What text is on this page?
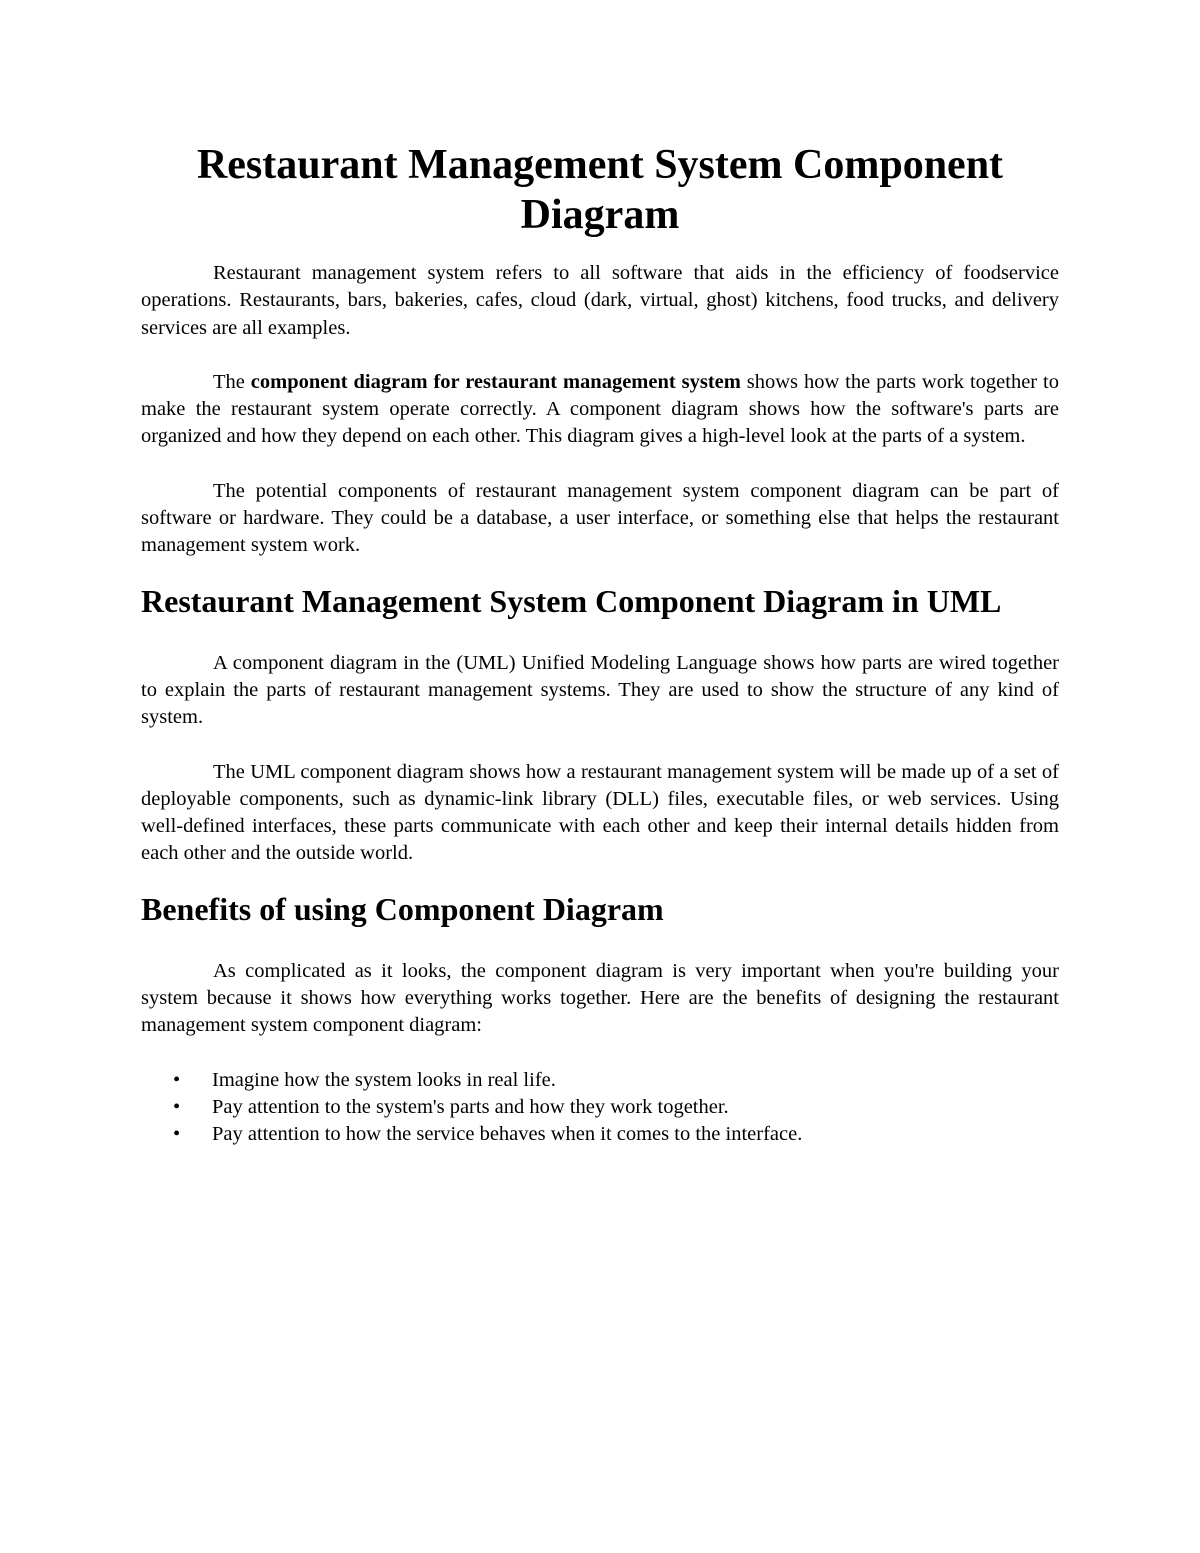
Restaurant Management System Component Diagram

Restaurant management system refers to all software that aids in the efficiency of foodservice operations. Restaurants, bars, bakeries, cafes, cloud (dark, virtual, ghost) kitchens, food trucks, and delivery services are all examples.

The component diagram for restaurant management system shows how the parts work together to make the restaurant system operate correctly. A component diagram shows how the software's parts are organized and how they depend on each other. This diagram gives a high-level look at the parts of a system.

The potential components of restaurant management system component diagram can be part of software or hardware. They could be a database, a user interface, or something else that helps the restaurant management system work.

Restaurant Management System Component Diagram in UML

A component diagram in the (UML) Unified Modeling Language shows how parts are wired together to explain the parts of restaurant management systems. They are used to show the structure of any kind of system.

The UML component diagram shows how a restaurant management system will be made up of a set of deployable components, such as dynamic-link library (DLL) files, executable files, or web services. Using well-defined interfaces, these parts communicate with each other and keep their internal details hidden from each other and the outside world.

Benefits of using Component Diagram

As complicated as it looks, the component diagram is very important when you're building your system because it shows how everything works together. Here are the benefits of designing the restaurant management system component diagram:

• Imagine how the system looks in real life.
• Pay attention to the system's parts and how they work together.
• Pay attention to how the service behaves when it comes to the interface.
